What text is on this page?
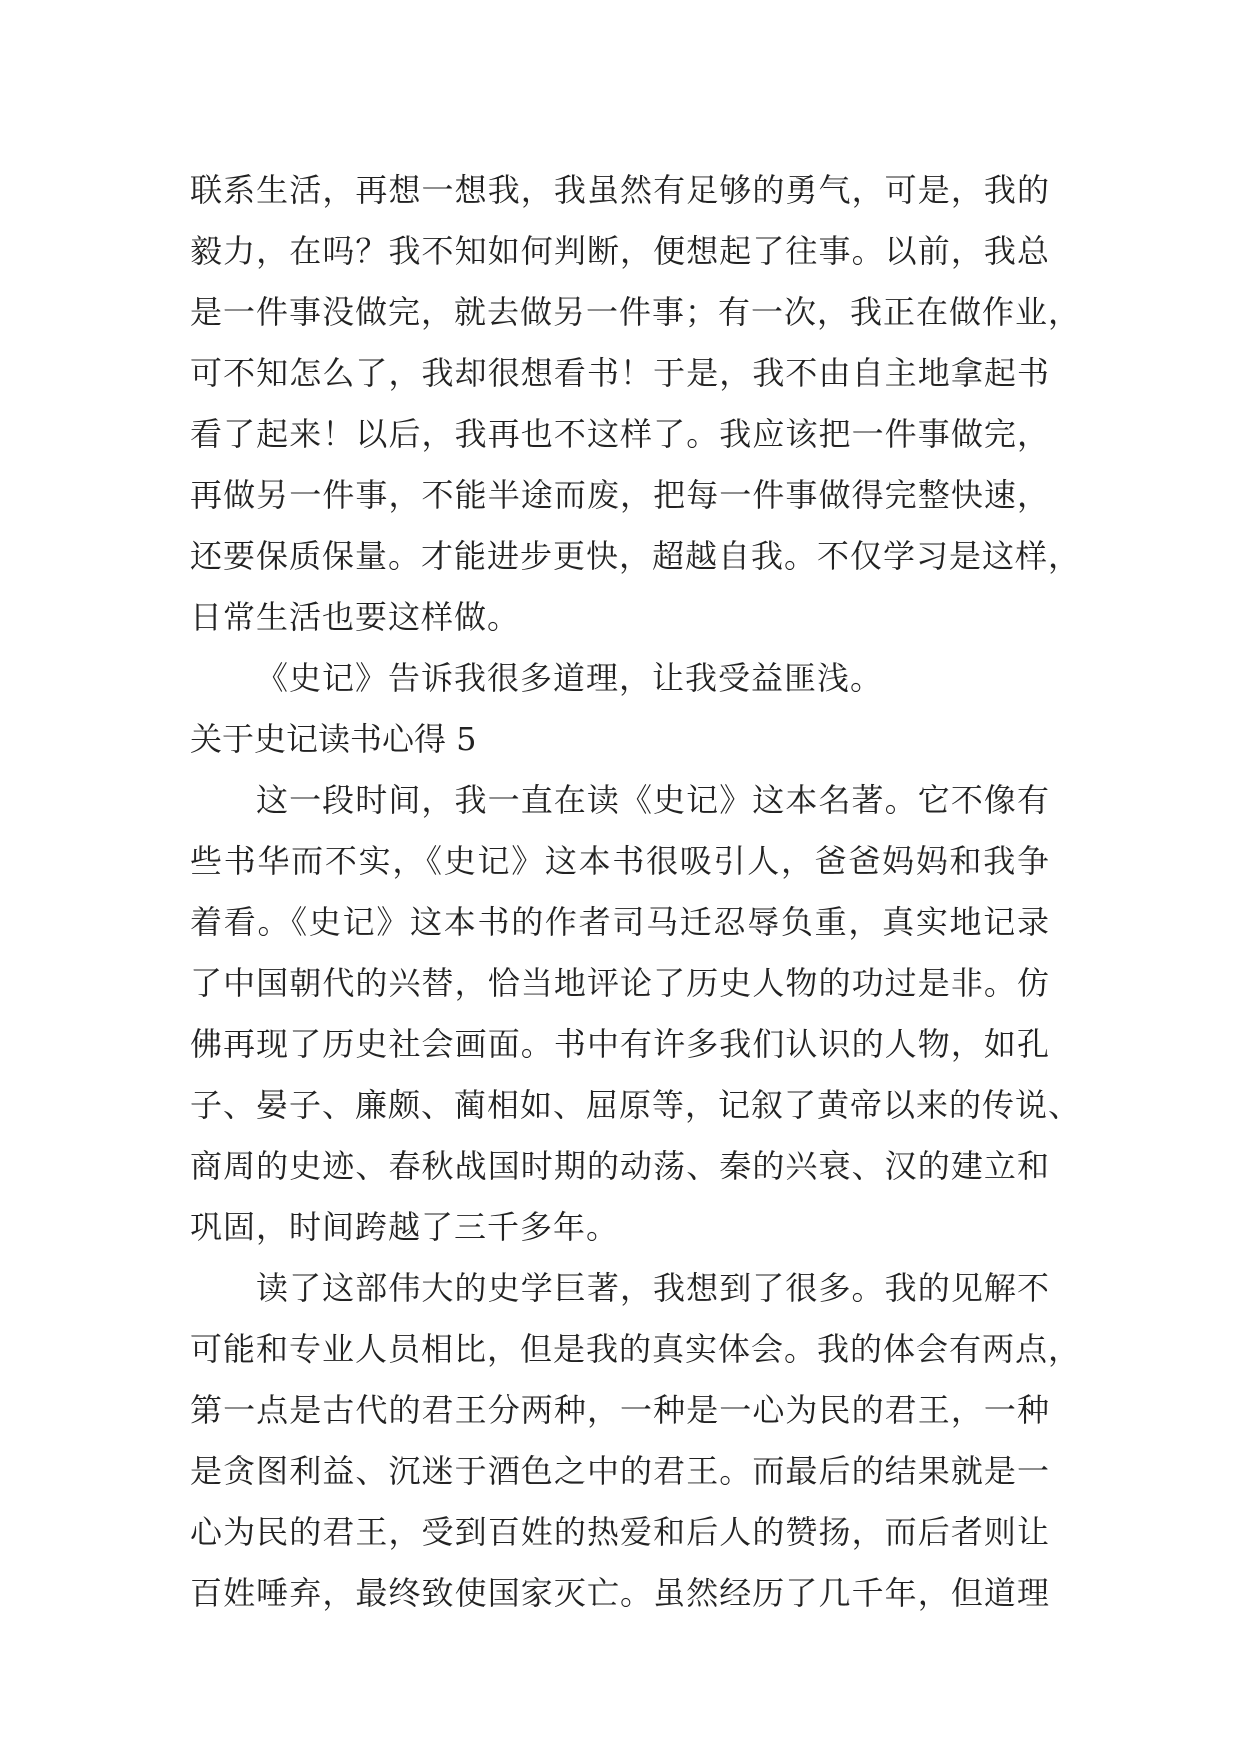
联系生活，再想一想我，我虽然有足够的勇气，可是，我的
毅力，在吗？我不知如何判断，便想起了往事。以前，我总
是一件事没做完，就去做另一件事；有一次，我正在做作业，
可不知怎么了，我却很想看书！于是，我不由自主地拿起书
看了起来！以后，我再也不这样了。我应该把一件事做完，
再做另一件事，不能半途而废，把每一件事做得完整快速，
还要保质保量。才能进步更快，超越自我。不仅学习是这样，
日常生活也要这样做。
《史记》告诉我很多道理，让我受益匪浅。
关于史记读书心得 5
这一段时间，我一直在读《史记》这本名著。它不像有
些书华而不实，《史记》这本书很吸引人，爸爸妈妈和我争
着看。《史记》这本书的作者司马迁忍辱负重，真实地记录
了中国朝代的兴替，恰当地评论了历史人物的功过是非。仿
佛再现了历史社会画面。书中有许多我们认识的人物，如孔
子、晏子、廉颇、蔺相如、屈原等，记叙了黄帝以来的传说、
商周的史迹、春秋战国时期的动荡、秦的兴衰、汉的建立和
巩固，时间跨越了三千多年。
读了这部伟大的史学巨著，我想到了很多。我的见解不
可能和专业人员相比，但是我的真实体会。我的体会有两点，
第一点是古代的君王分两种，一种是一心为民的君王，一种
是贪图利益、沉迷于酒色之中的君王。而最后的结果就是一
心为民的君王，受到百姓的热爱和后人的赞扬，而后者则让
百姓唾弃，最终致使国家灭亡。虽然经历了几千年，但道理
